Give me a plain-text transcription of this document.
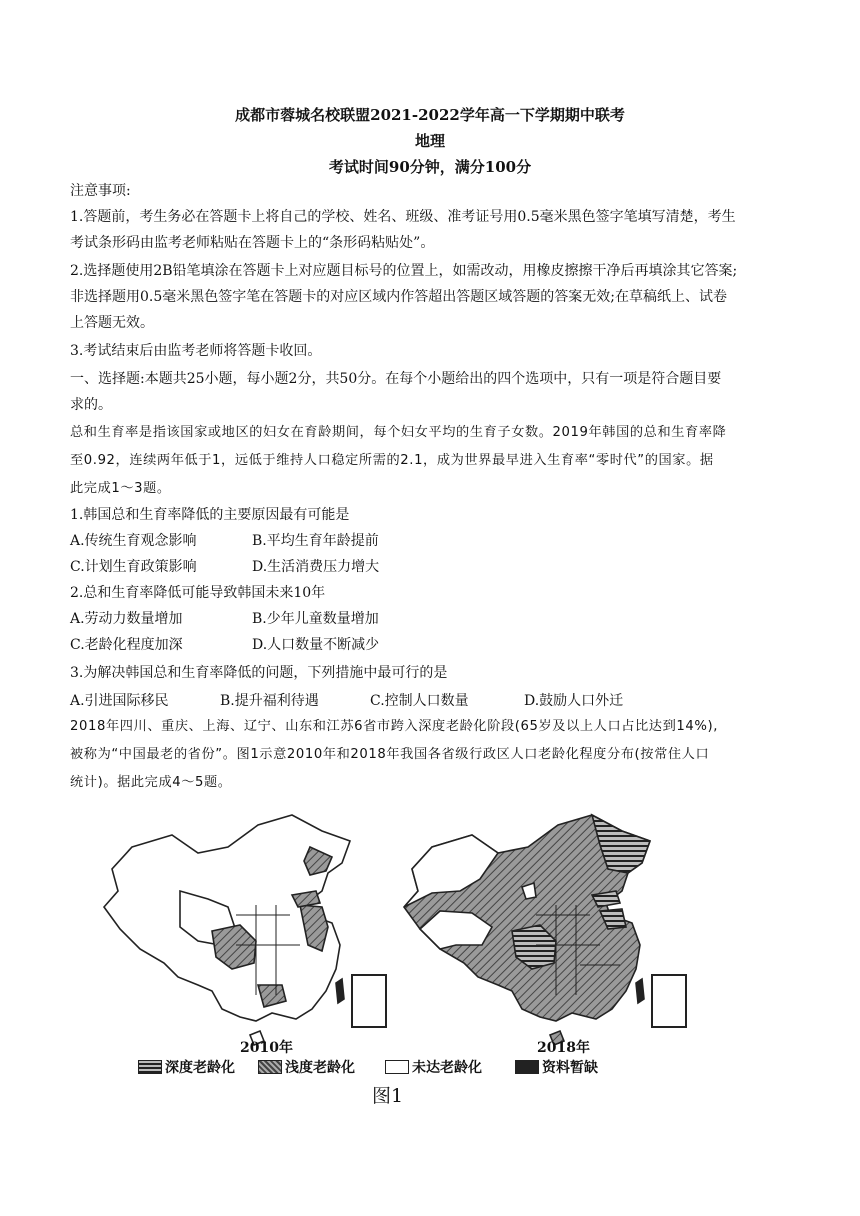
成都市蓉城名校联盟2021-2022学年高一下学期期中联考
地理
考试时间90分钟，满分100分
注意事项:
1.答题前，考生务必在答题卡上将自己的学校、姓名、班级、准考证号用0.5毫米黑色签字笔填写清楚，考生
考试条形码由监考老师粘贴在答题卡上的“条形码粘贴处”。
2.选择题使用2B铅笔填涂在答题卡上对应题目标号的位置上，如需改动，用橡皮擦擦干净后再填涂其它答案;
非选择题用0.5毫米黑色签字笔在答题卡的对应区域内作答超出答题区域答题的答案无效;在草稿纸上、试卷
上答题无效。
3.考试结束后由监考老师将答题卡收回。
一、选择题:本题共25小题，每小题2分，共50分。在每个小题给出的四个选项中，只有一项是符合题目要
求的。
总和生育率是指该国家或地区的妇女在育龄期间，每个妇女平均的生育子女数。2019年韩国的总和生育率降
至0.92，连续两年低于1，远低于维持人口稳定所需的2.1，成为世界最早进入生育率“零时代”的国家。据
此完成1～3题。
1.韩国总和生育率降低的主要原因最有可能是
A.传统生育观念影响	B.平均生育年龄提前
C.计划生育政策影响	D.生活消费压力增大
2.总和生育率降低可能导致韩国未来10年
A.劳动力数量增加	B.少年儿童数量增加
C.老龄化程度加深	D.人口数量不断减少
3.为解决韩国总和生育率降低的问题，下列措施中最可行的是
A.引进国际移民	B.提升福利待遇	C.控制人口数量	D.鼓励人口外迁
2018年四川、重庆、上海、辽宁、山东和江苏6省市跨入深度老龄化阶段(65岁及以上人口占比达到14%),
被称为“中国最老的省份”。图1示意2010年和2018年我国各省级行政区人口老龄化程度分布(按常住人口
统计)。据此完成4～5题。
2010年	2018年
深度老龄化	浅度老龄化	未达老龄化	资料暂缺
图1
